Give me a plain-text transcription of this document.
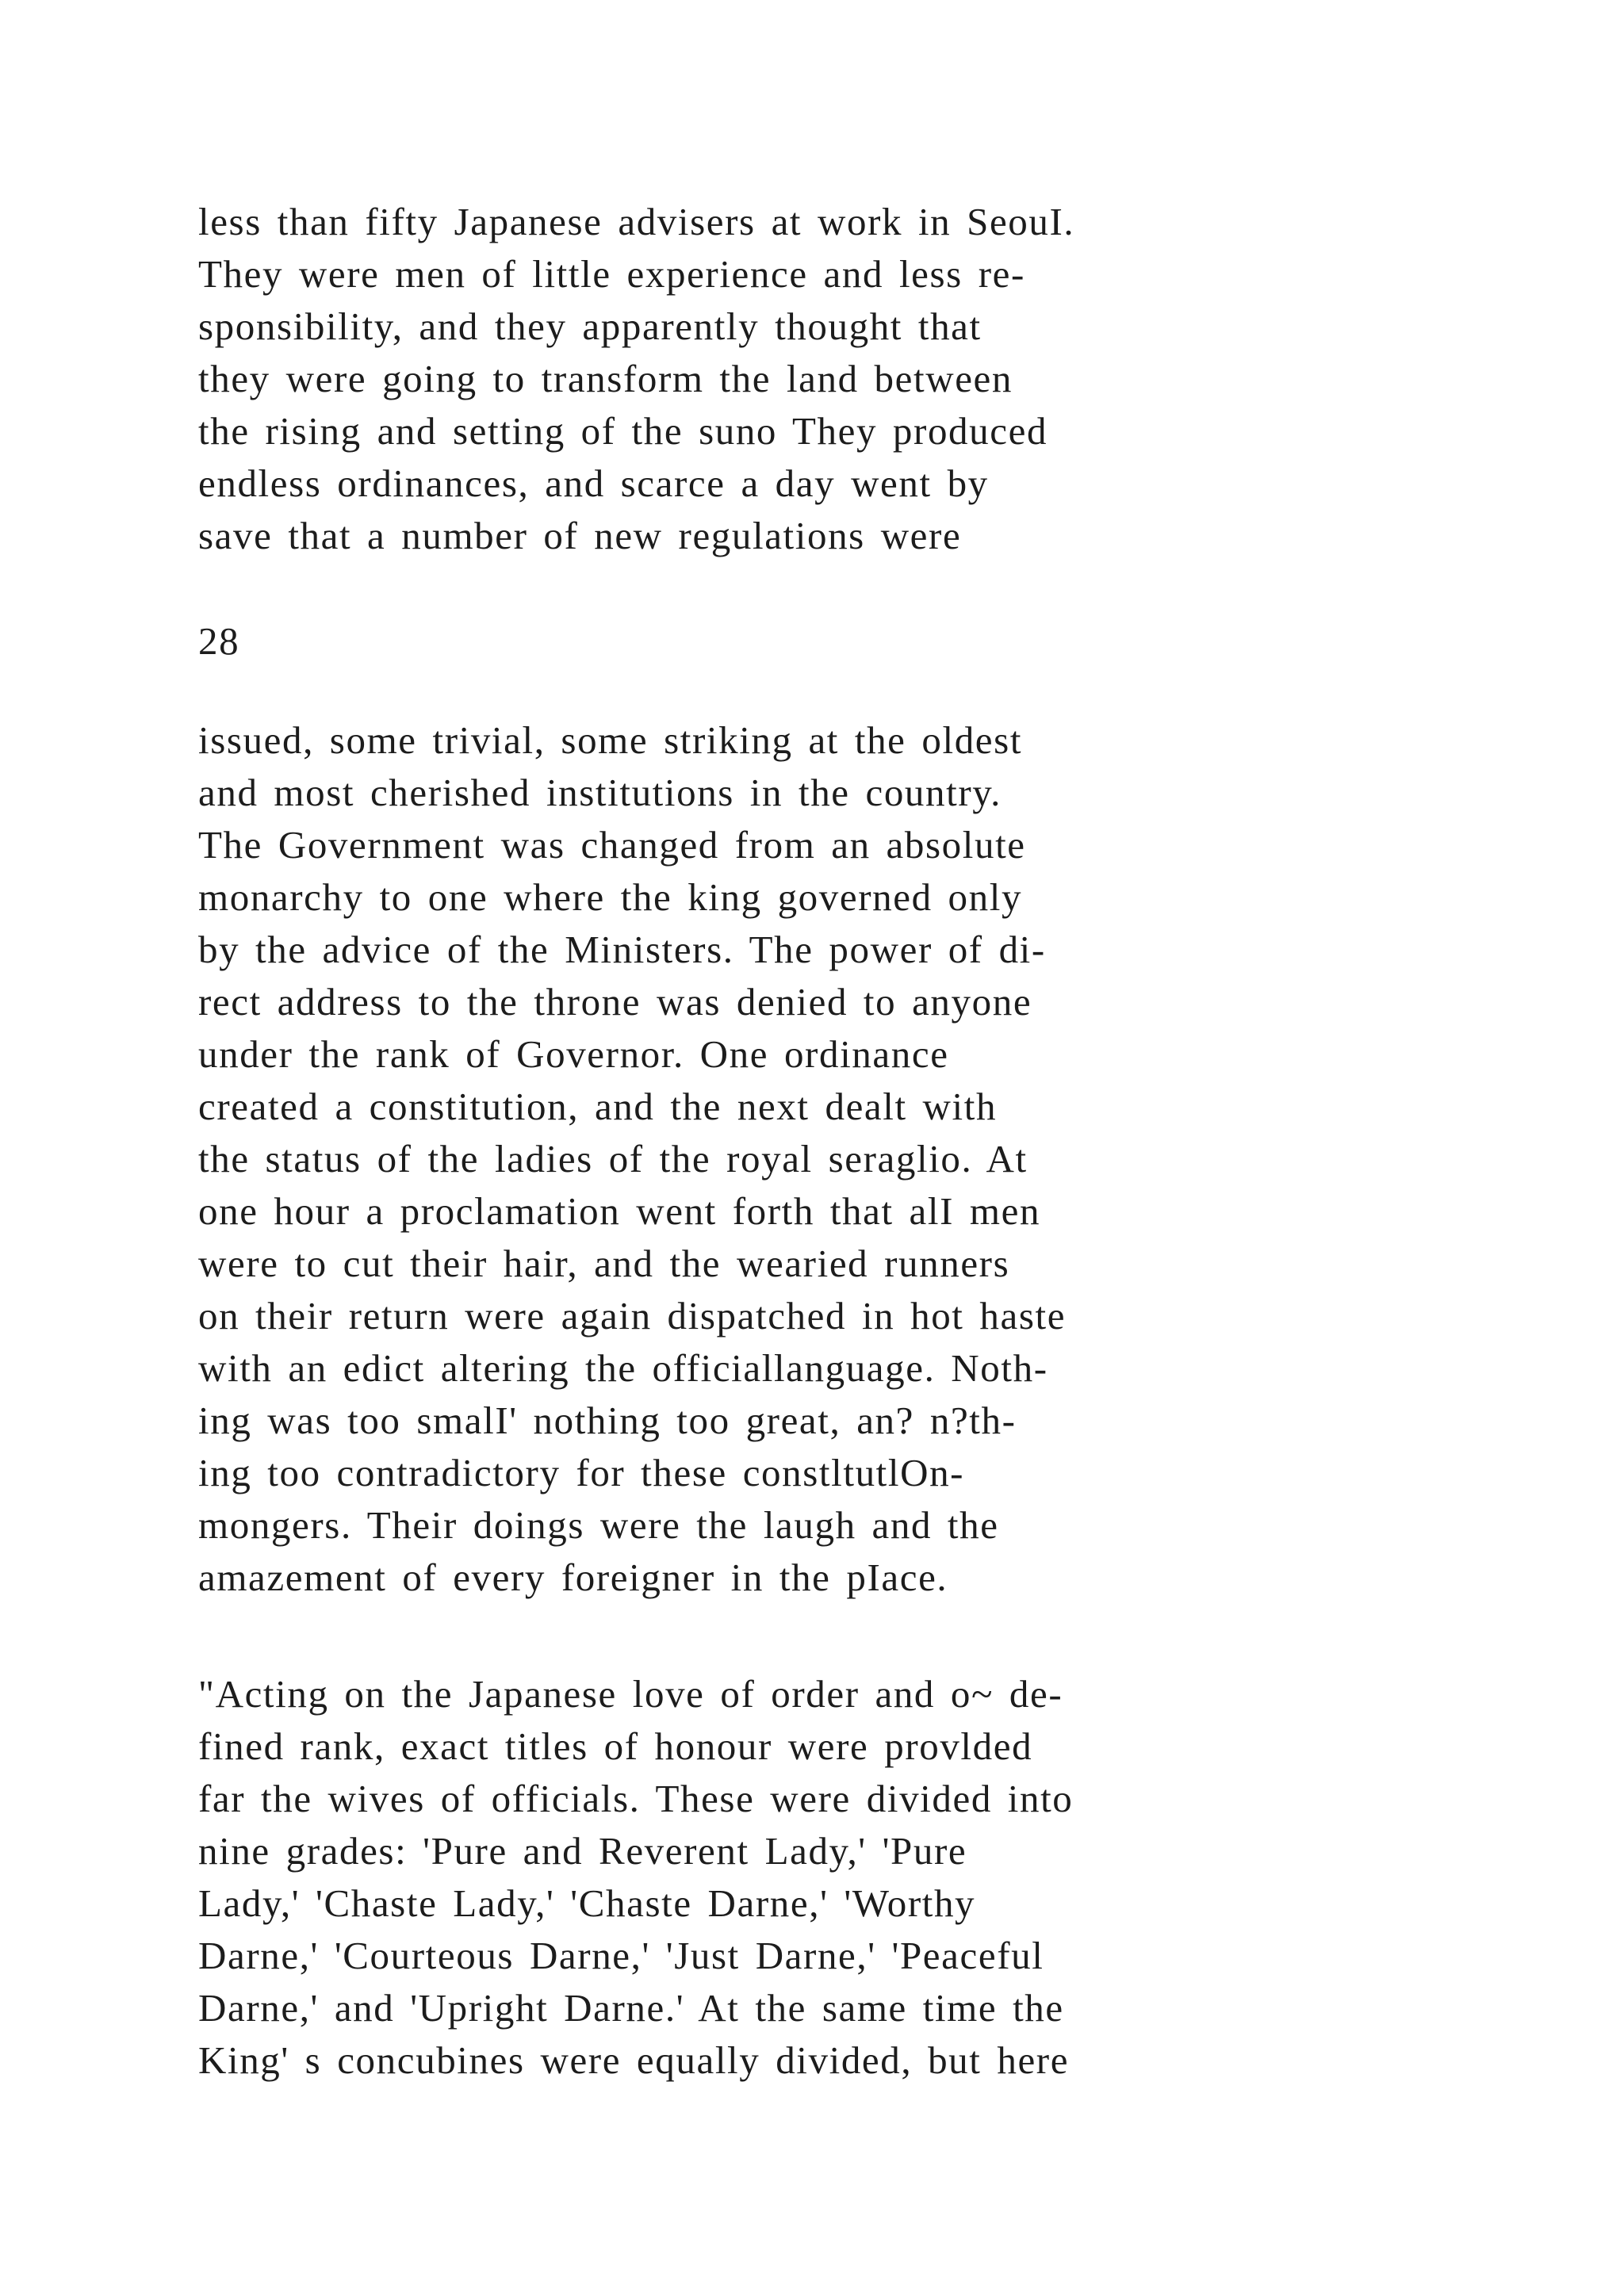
less than fifty Japanese advisers at work in SeouI.
They were men of little experience and less re-
sponsibility, and they apparently thought that
they were going to transform the land between
the rising and setting of the suno They produced
endless ordinances, and scarce a day went by
save that a number of new regulations were
28
issued, some trivial, some striking at the oldest
and most cherished institutions in the country.
The Government was changed from an absolute
monarchy to one where the king governed only
by the advice of the Ministers. The power of di-
rect address to the throne was denied to anyone
under the rank of Governor. One ordinance
created a constitution, and the next dealt with
the status of the ladies of the royal seraglio. At
one hour a proclamation went forth that alI men
were to cut their hair, and the wearied runners
on their return were again dispatched in hot haste
with an edict altering the officiallanguage. Noth-
ing was too smalI' nothing too great, an? n?th-
ing too contradictory for these constltutlOn-
mongers. Their doings were the laugh and the
amazement of every foreigner in the pIace.
"Acting on the Japanese love of order and o~ de-
fined rank, exact titles of honour were provlded
far the wives of officials. These were divided into
nine grades: 'Pure and Reverent Lady,' 'Pure
Lady,' 'Chaste Lady,' 'Chaste Darne,' 'Worthy
Darne,' 'Courteous Darne,' 'Just Darne,' 'Peaceful
Darne,' and 'Upright Darne.' At the same time the
King' s concubines were equally divided, but here
